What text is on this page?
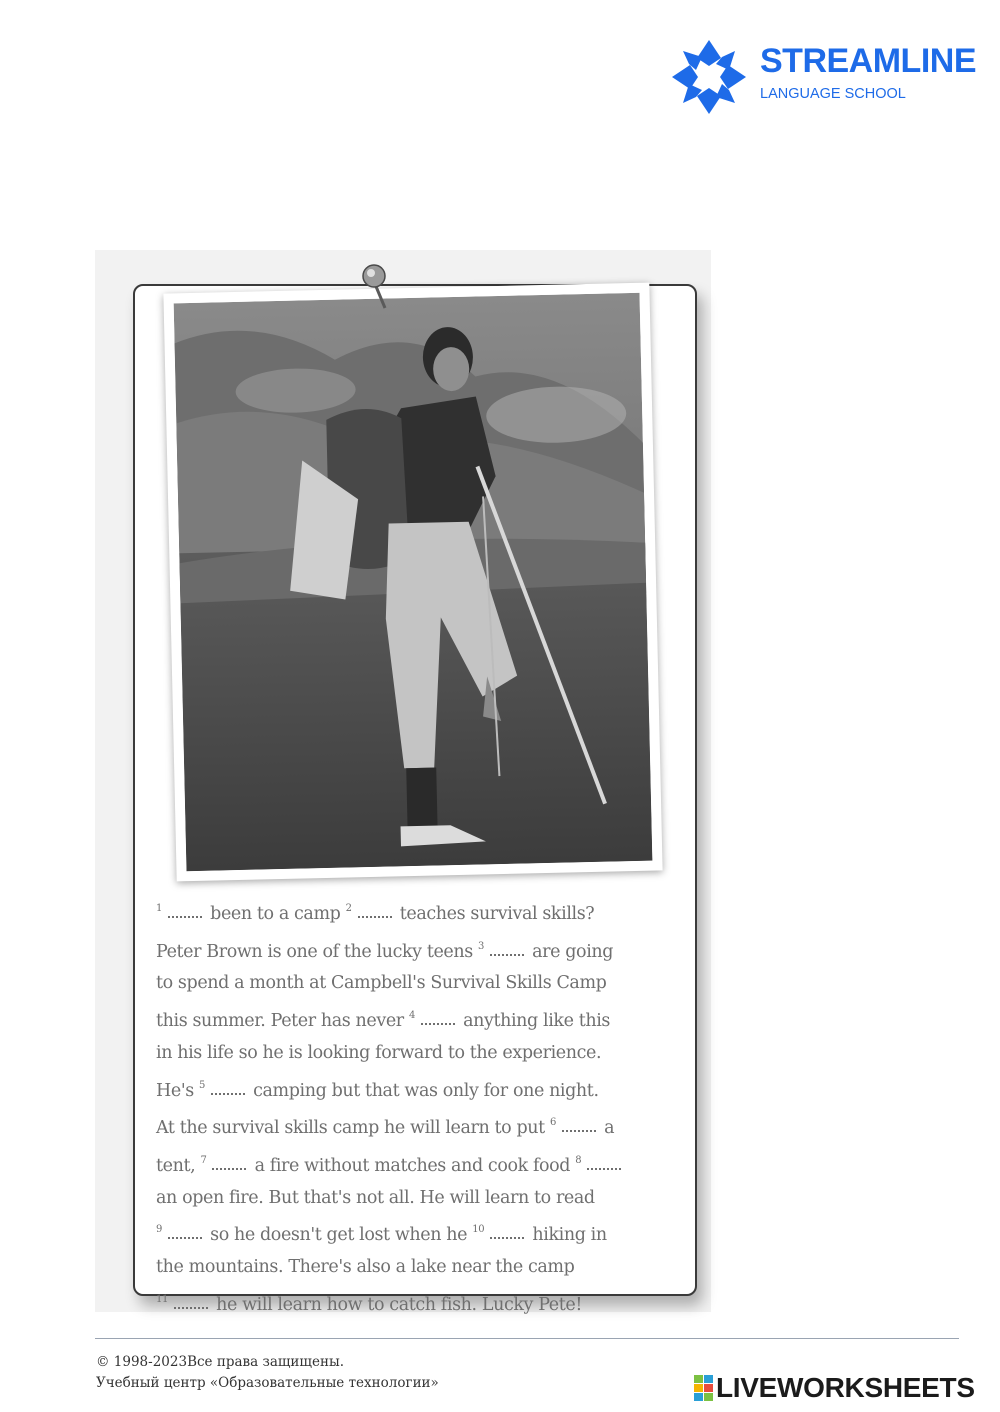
STREAMLINE
LANGUAGE SCHOOL
$^1$	been to a camp $^2$	teaches survival skills?
Peter Brown is one of the lucky teens $^3$	are going
to spend a month at Campbell's Survival Skills Camp
this summer. Peter has never $^4$	anything like this
in his life so he is looking forward to the experience.
He's $^5$	camping but that was only for one night.
At the survival skills camp he will learn to put $^6$	a
tent, $^7$	a fire without matches and cook food $^8$
an open fire. But that's not all. He will learn to read
$^9$	so he doesn't get lost when he $^{10}$	hiking in
the mountains. There's also a lake near the camp
$^{11}$	he will learn how to catch fish. Lucky Pete!
© 1998-2023Все права защищены.
Учебный центр «Образовательные технологии»	LIVEWORKSHEETS
